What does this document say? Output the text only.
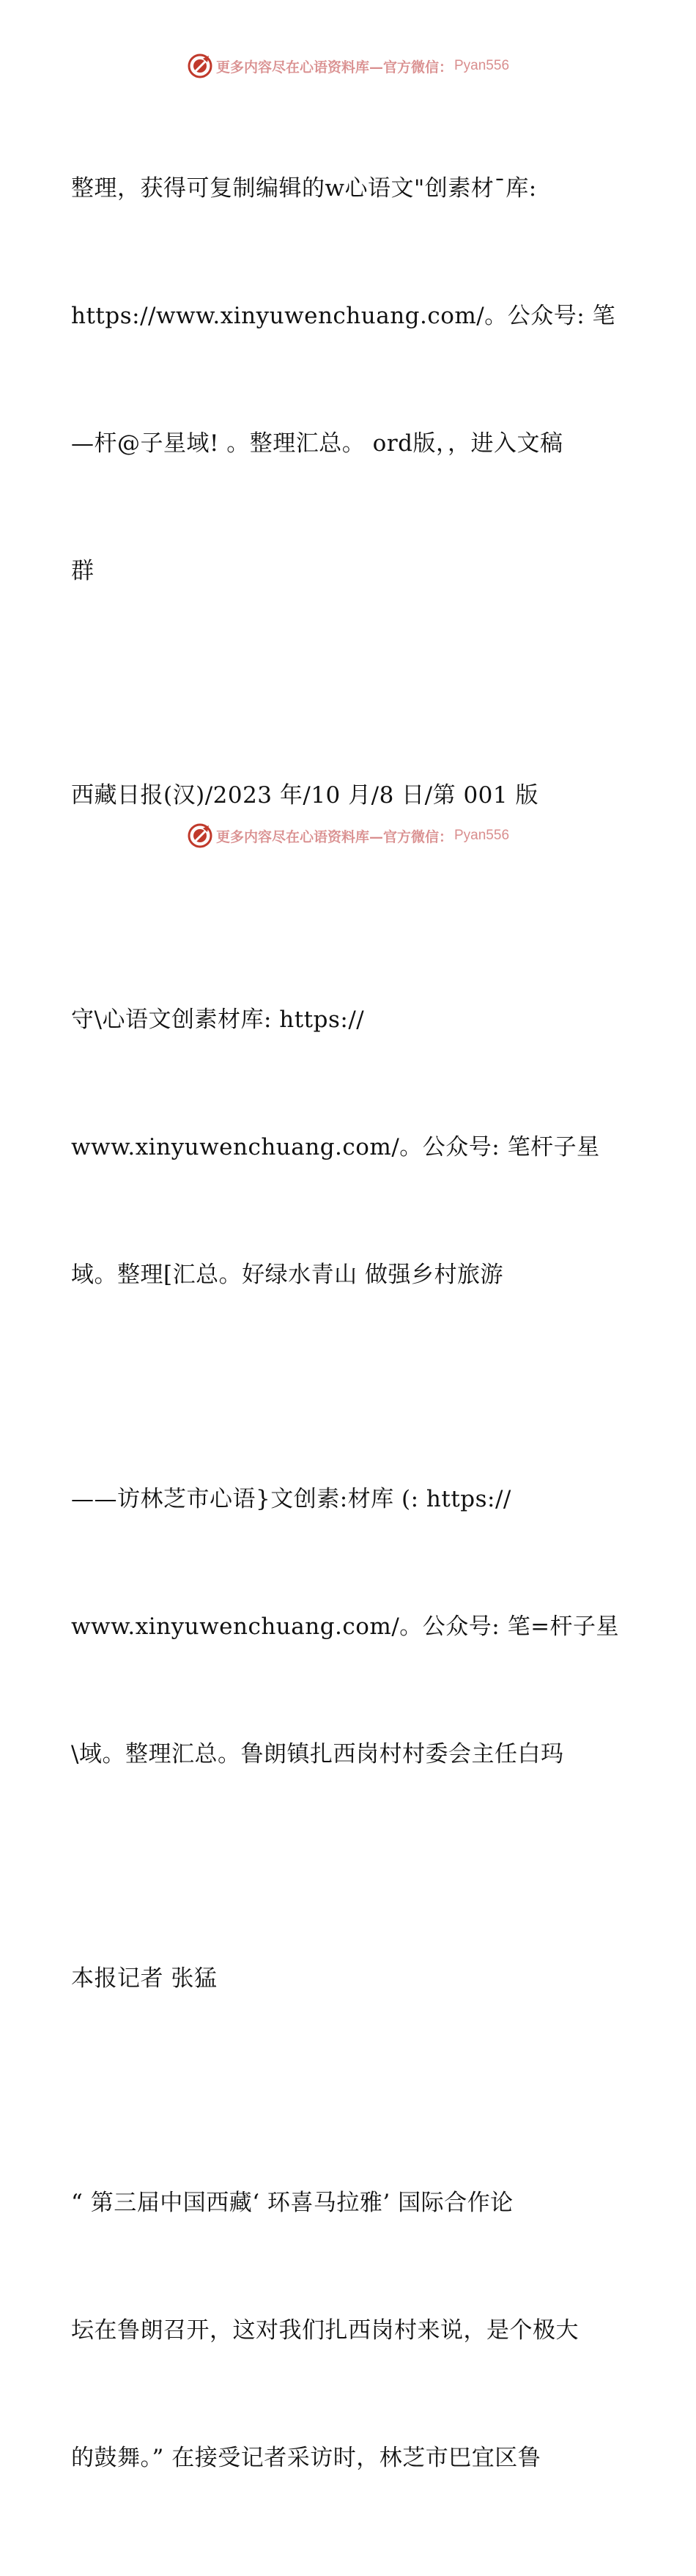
更多内容尽在心语资料库—官方微信： Pyan556

整理，获得可复制编辑的w心语文"创素材¯库:

https://www.xinyuwenchuang.com/。公众号: 笔

—杆@子星域! 。整理汇总。 ord版，，进入文稿

群

西藏日报(汉)/2023 年/10 月/8 日/第 001 版

守\心语文创素材库: https://

www.xinyuwenchuang.com/。公众号: 笔杆子星

域。整理[汇总。好绿水青山 做强乡村旅游

——访林芝市心语}文创素:材库 (: https://

www.xinyuwenchuang.com/。公众号: 笔=杆子星

\域。整理汇总。鲁朗镇扎西岗村村委会主任白玛

本报记者 张猛

“ 第三届中国西藏‘ 环喜马拉雅’ 国际合作论

坛在鲁朗召开，这对我们扎西岗村来说，是个极大

的鼓舞。” 在接受记者采访时，林芝市巴宜区鲁

更多内容尽在心语资料库—官方微信： Pyan556
